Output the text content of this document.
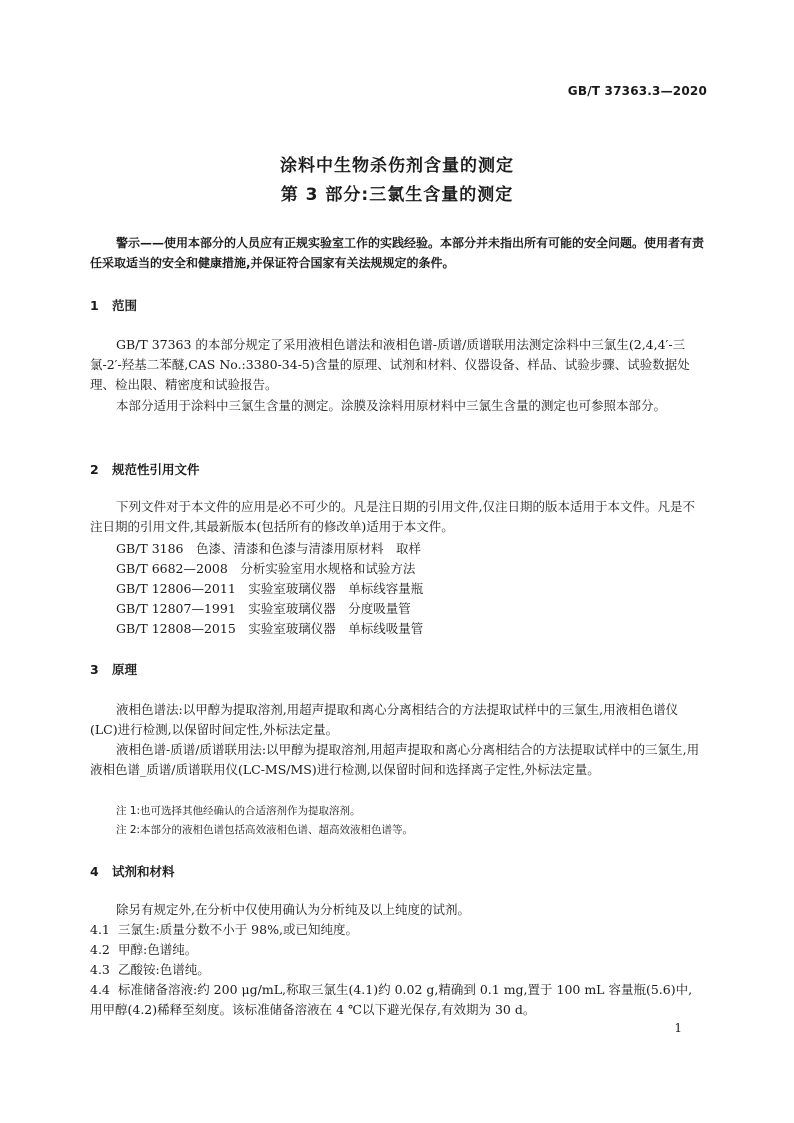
GB/T 37363.3—2020
涂料中生物杀伤剂含量的测定
第 3 部分:三氯生含量的测定
警示——使用本部分的人员应有正规实验室工作的实践经验。本部分并未指出所有可能的安全问题。使用者有责任采取适当的安全和健康措施,并保证符合国家有关法规规定的条件。
1 范围
GB/T 37363 的本部分规定了采用液相色谱法和液相色谱-质谱/质谱联用法测定涂料中三氯生(2,4,4′-三氯-2′-羟基二苯醚,CAS No.:3380-34-5)含量的原理、试剂和材料、仪器设备、样品、试验步骤、试验数据处理、检出限、精密度和试验报告。
本部分适用于涂料中三氯生含量的测定。涂膜及涂料用原材料中三氯生含量的测定也可参照本部分。
2 规范性引用文件
下列文件对于本文件的应用是必不可少的。凡是注日期的引用文件,仅注日期的版本适用于本文件。凡是不注日期的引用文件,其最新版本(包括所有的修改单)适用于本文件。
GB/T 3186　色漆、清漆和色漆与清漆用原材料　取样
GB/T 6682—2008　分析实验室用水规格和试验方法
GB/T 12806—2011　实验室玻璃仪器　单标线容量瓶
GB/T 12807—1991　实验室玻璃仪器　分度吸量管
GB/T 12808—2015　实验室玻璃仪器　单标线吸量管
3 原理
液相色谱法:以甲醇为提取溶剂,用超声提取和离心分离相结合的方法提取试样中的三氯生,用液相色谱仪(LC)进行检测,以保留时间定性,外标法定量。
液相色谱-质谱/质谱联用法:以甲醇为提取溶剂,用超声提取和离心分离相结合的方法提取试样中的三氯生,用液相色谱_质谱/质谱联用仪(LC-MS/MS)进行检测,以保留时间和选择离子定性,外标法定量。
注 1:也可选择其他经确认的合适溶剂作为提取溶剂。
注 2:本部分的液相色谱包括高效液相色谱、超高效液相色谱等。
4 试剂和材料
除另有规定外,在分析中仅使用确认为分析纯及以上纯度的试剂。
4.1 三氯生:质量分数不小于 98%,或已知纯度。
4.2 甲醇:色谱纯。
4.3 乙酸铵:色谱纯。
4.4 标准储备溶液:约 200 μg/mL,称取三氯生(4.1)约 0.02 g,精确到 0.1 mg,置于 100 mL 容量瓶(5.6)中,用甲醇(4.2)稀释至刻度。该标准储备溶液在 4 ℃以下避光保存,有效期为 30 d。
1
